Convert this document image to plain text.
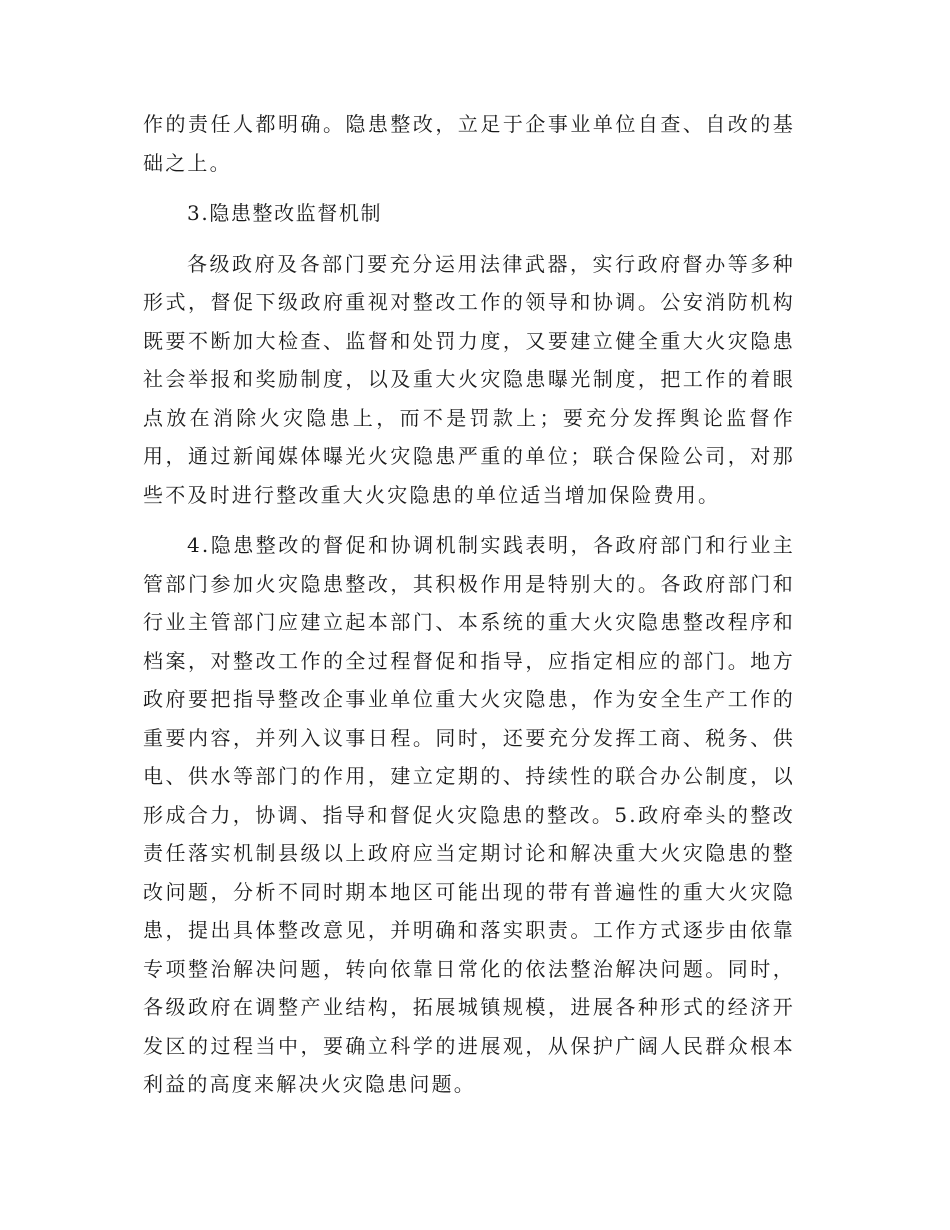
作的责任人都明确。隐患整改，立足于企事业单位自查、自改的基础之上。

3.隐患整改监督机制

各级政府及各部门要充分运用法律武器，实行政府督办等多种形式，督促下级政府重视对整改工作的领导和协调。公安消防机构既要不断加大检查、监督和处罚力度，又要建立健全重大火灾隐患社会举报和奖励制度，以及重大火灾隐患曝光制度，把工作的着眼点放在消除火灾隐患上，而不是罚款上；要充分发挥舆论监督作用，通过新闻媒体曝光火灾隐患严重的单位；联合保险公司，对那些不及时进行整改重大火灾隐患的单位适当增加保险费用。

4.隐患整改的督促和协调机制实践表明，各政府部门和行业主管部门参加火灾隐患整改，其积极作用是特别大的。各政府部门和行业主管部门应建立起本部门、本系统的重大火灾隐患整改程序和档案，对整改工作的全过程督促和指导，应指定相应的部门。地方政府要把指导整改企事业单位重大火灾隐患，作为安全生产工作的重要内容，并列入议事日程。同时，还要充分发挥工商、税务、供电、供水等部门的作用，建立定期的、持续性的联合办公制度，以形成合力，协调、指导和督促火灾隐患的整改。5.政府牵头的整改责任落实机制县级以上政府应当定期讨论和解决重大火灾隐患的整改问题，分析不同时期本地区可能出现的带有普遍性的重大火灾隐患，提出具体整改意见，并明确和落实职责。工作方式逐步由依靠专项整治解决问题，转向依靠日常化的依法整治解决问题。同时，各级政府在调整产业结构，拓展城镇规模，进展各种形式的经济开发区的过程当中，要确立科学的进展观，从保护广阔人民群众根本利益的高度来解决火灾隐患问题。
